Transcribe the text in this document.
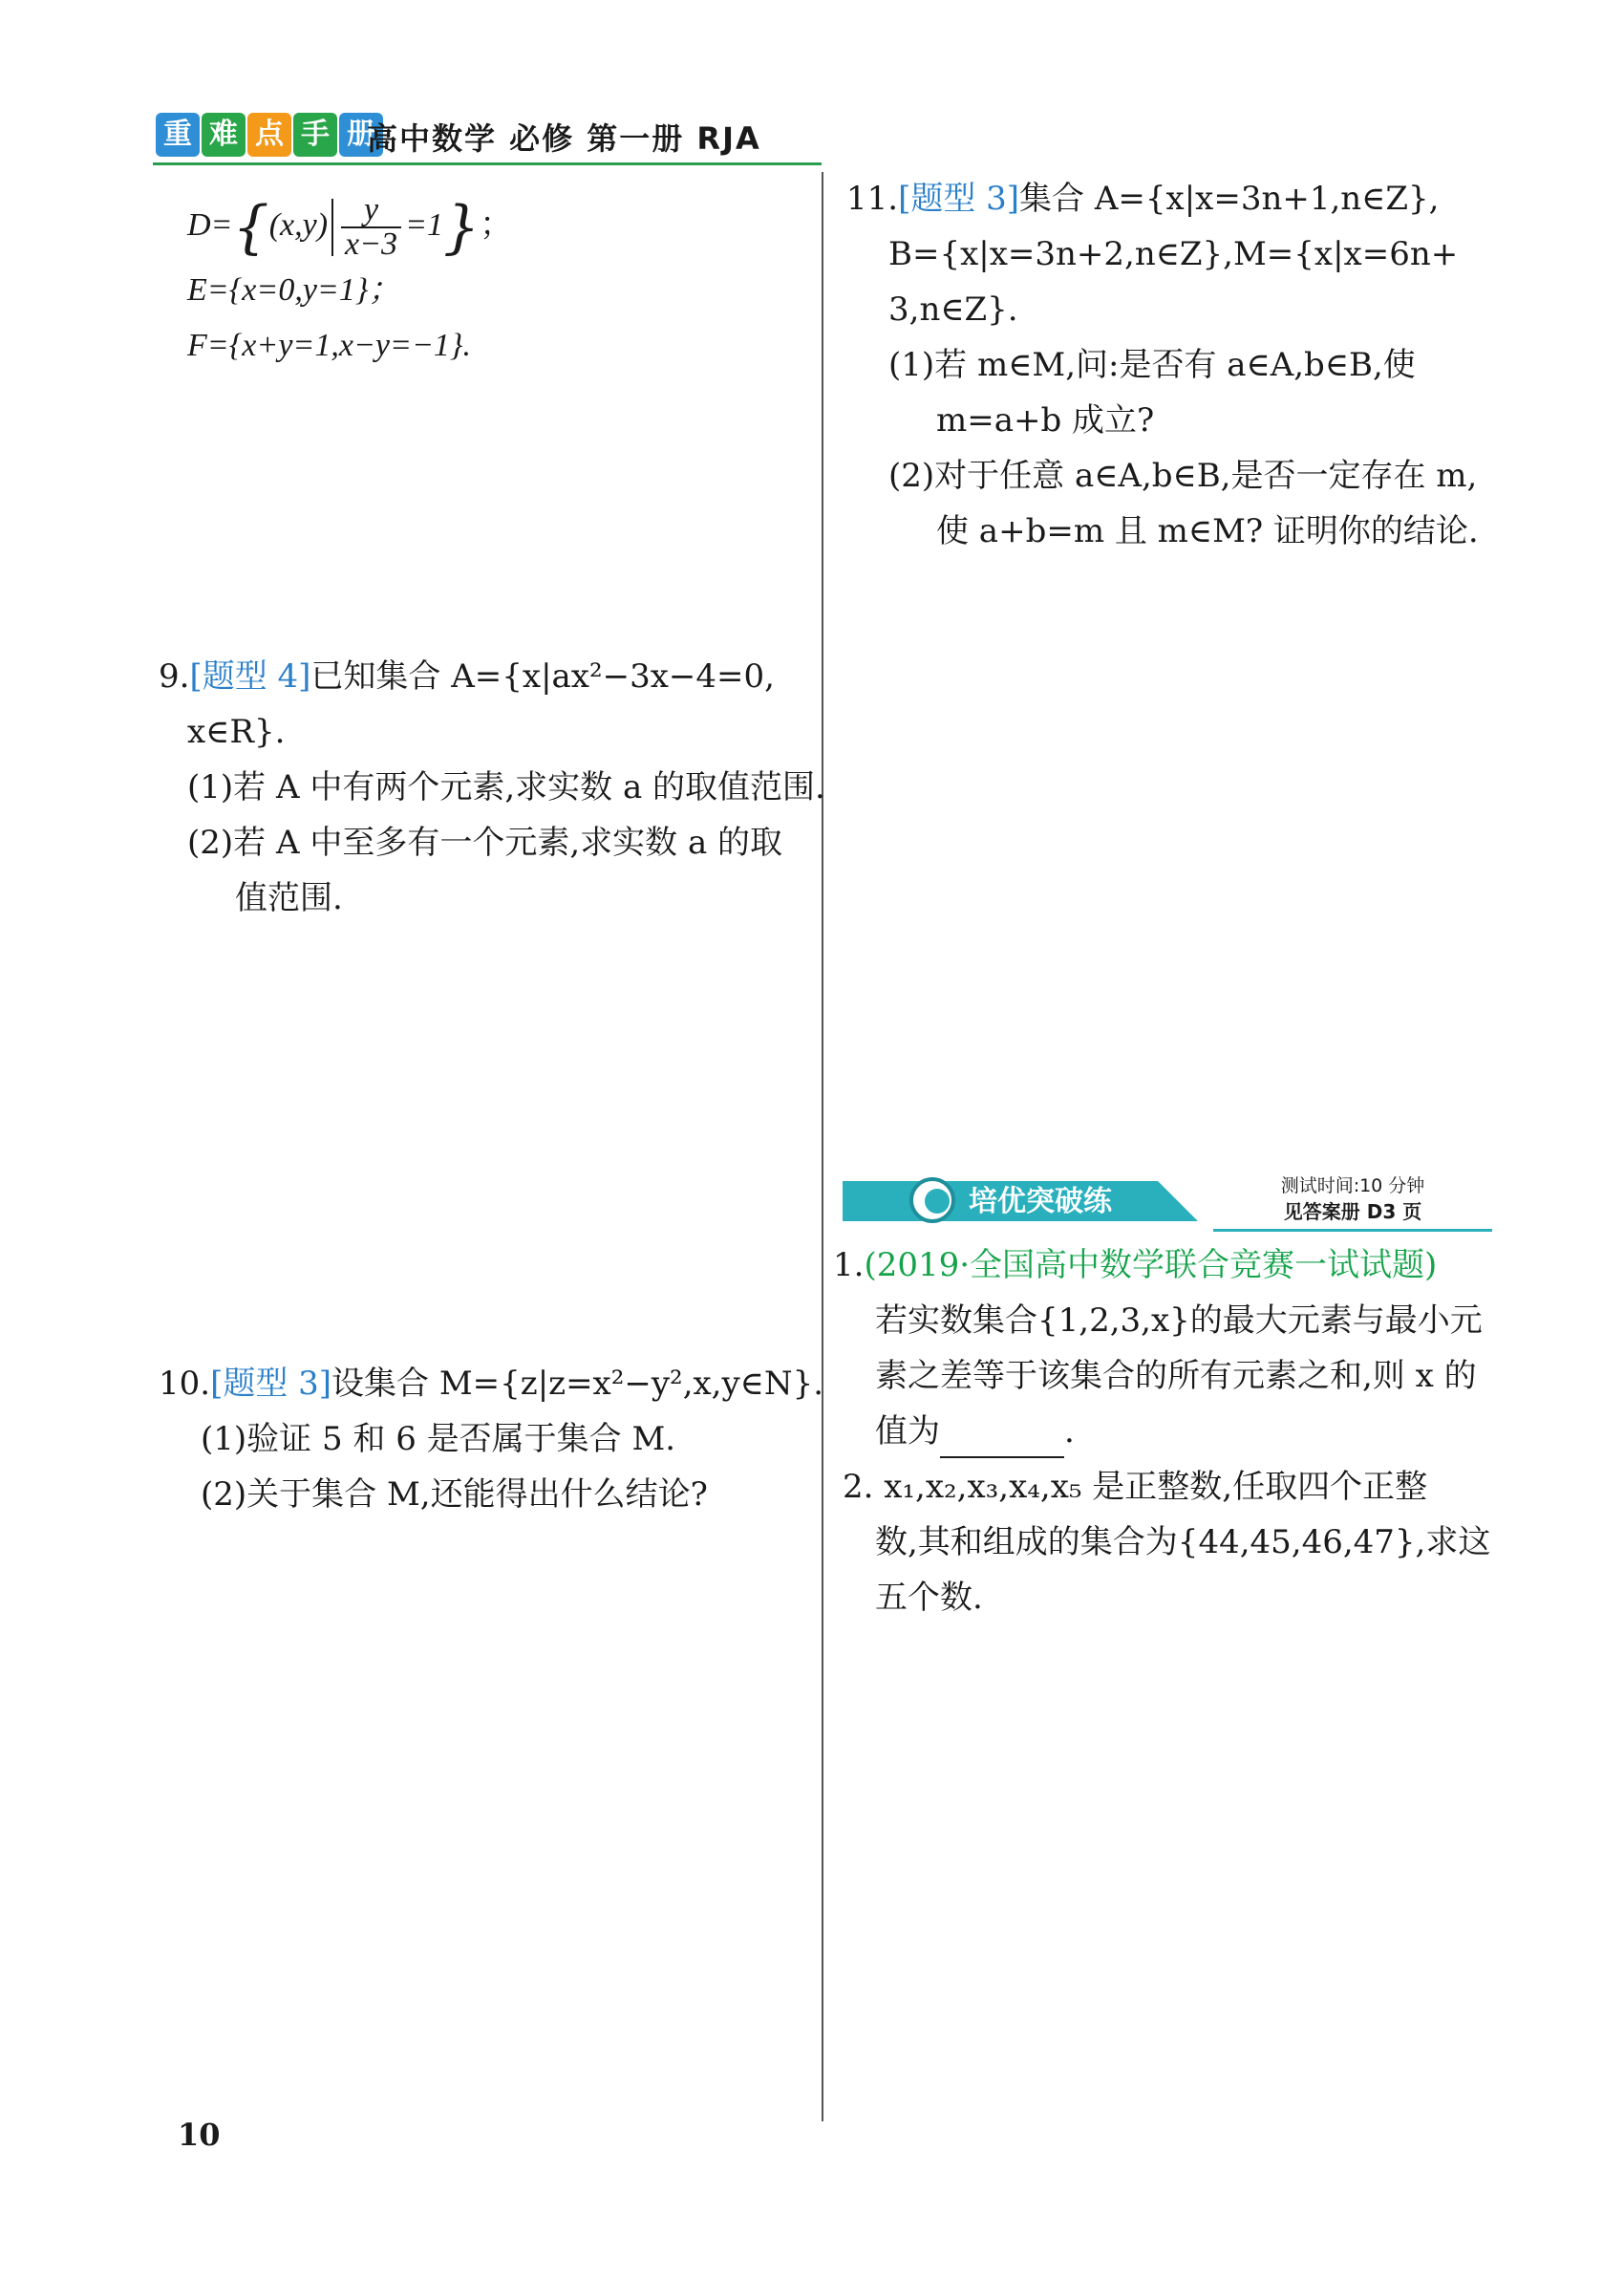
重 难 点 手 册
高中数学 必修 第一册 RJA
$D=\{(x,y) \frac{y}{x-3} =1\}$；
E={x=0,y=1}；
F={x+y=1,x−y=−1}.
9.[题型 4]已知集合 A={x|ax²−3x−4=0,
x∈R}.
(1)若 A 中有两个元素,求实数 a 的取值范围.
(2)若 A 中至多有一个元素,求实数 a 的取
值范围.
10.[题型 3]设集合 M={z|z=x²−y²,x,y∈N}.
(1)验证 5 和 6 是否属于集合 M.
(2)关于集合 M,还能得出什么结论?
11.[题型 3]集合 A={x|x=3n+1,n∈Z},
B={x|x=3n+2,n∈Z},M={x|x=6n+
3,n∈Z}.
(1)若 m∈M,问:是否有 a∈A,b∈B,使
m=a+b 成立?
(2)对于任意 a∈A,b∈B,是否一定存在 m,
使 a+b=m 且 m∈M? 证明你的结论.
培优突破练	测试时间:10 分钟
见答案册 D3 页
1.(2019·全国高中数学联合竞赛一试试题)
若实数集合{1,2,3,x}的最大元素与最小元
素之差等于该集合的所有元素之和,则 x 的
值为	.
2. x₁,x₂,x₃,x₄,x₅ 是正整数,任取四个正整
数,其和组成的集合为{44,45,46,47},求这
五个数.
10
